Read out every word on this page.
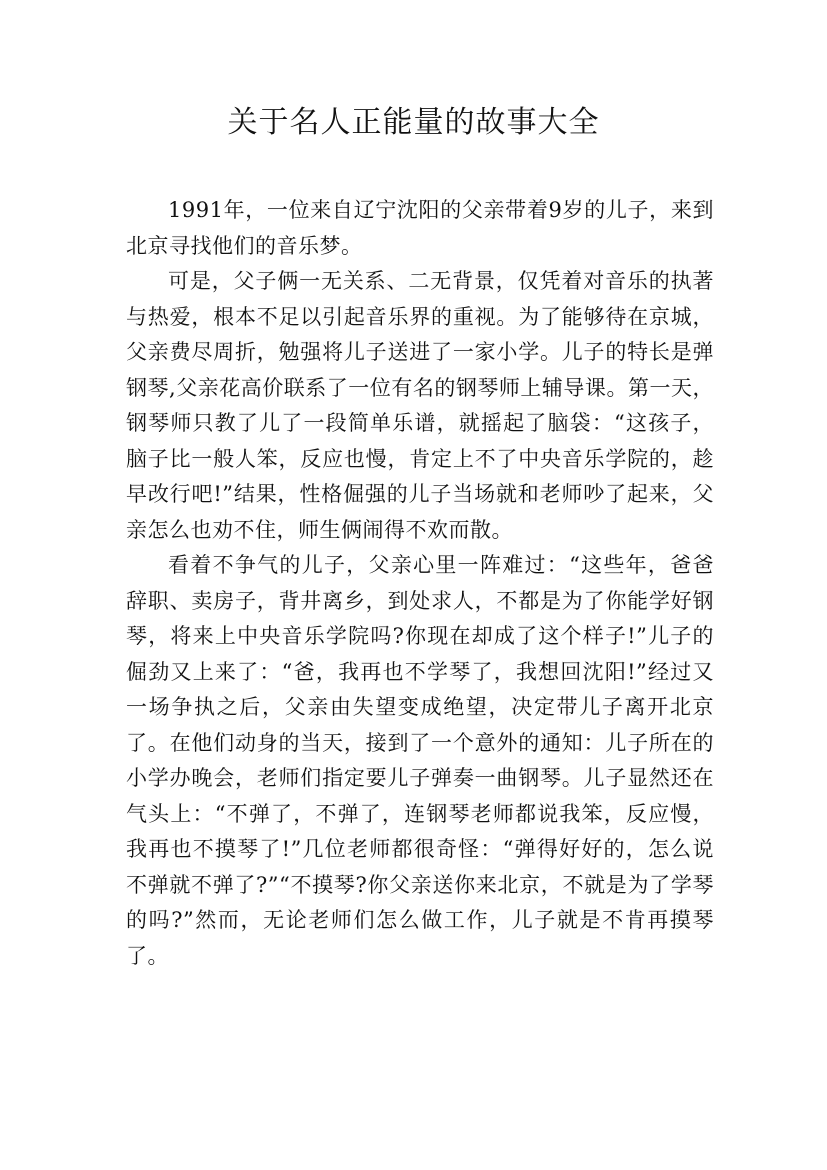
关于名人正能量的故事大全

1991年，一位来自辽宁沈阳的父亲带着9岁的儿子，来到北京寻找他们的音乐梦。

可是，父子俩一无关系、二无背景，仅凭着对音乐的执著与热爱，根本不足以引起音乐界的重视。为了能够待在京城，父亲费尽周折，勉强将儿子送进了一家小学。儿子的特长是弹钢琴,父亲花高价联系了一位有名的钢琴师上辅导课。第一天，钢琴师只教了儿了一段简单乐谱，就摇起了脑袋：“这孩子，脑子比一般人笨，反应也慢，肯定上不了中央音乐学院的，趁早改行吧!”结果，性格倔强的儿子当场就和老师吵了起来，父亲怎么也劝不住，师生俩闹得不欢而散。

看着不争气的儿子，父亲心里一阵难过：“这些年，爸爸辞职、卖房子，背井离乡，到处求人，不都是为了你能学好钢琴，将来上中央音乐学院吗?你现在却成了这个样子!”儿子的倔劲又上来了：“爸，我再也不学琴了，我想回沈阳!”经过又一场争执之后，父亲由失望变成绝望，决定带儿子离开北京了。在他们动身的当天，接到了一个意外的通知：儿子所在的小学办晚会，老师们指定要儿子弹奏一曲钢琴。儿子显然还在气头上：“不弹了，不弹了，连钢琴老师都说我笨，反应慢，我再也不摸琴了!”几位老师都很奇怪：“弹得好好的，怎么说不弹就不弹了?”“不摸琴?你父亲送你来北京，不就是为了学琴的吗?”然而，无论老师们怎么做工作，儿子就是不肯再摸琴了。
